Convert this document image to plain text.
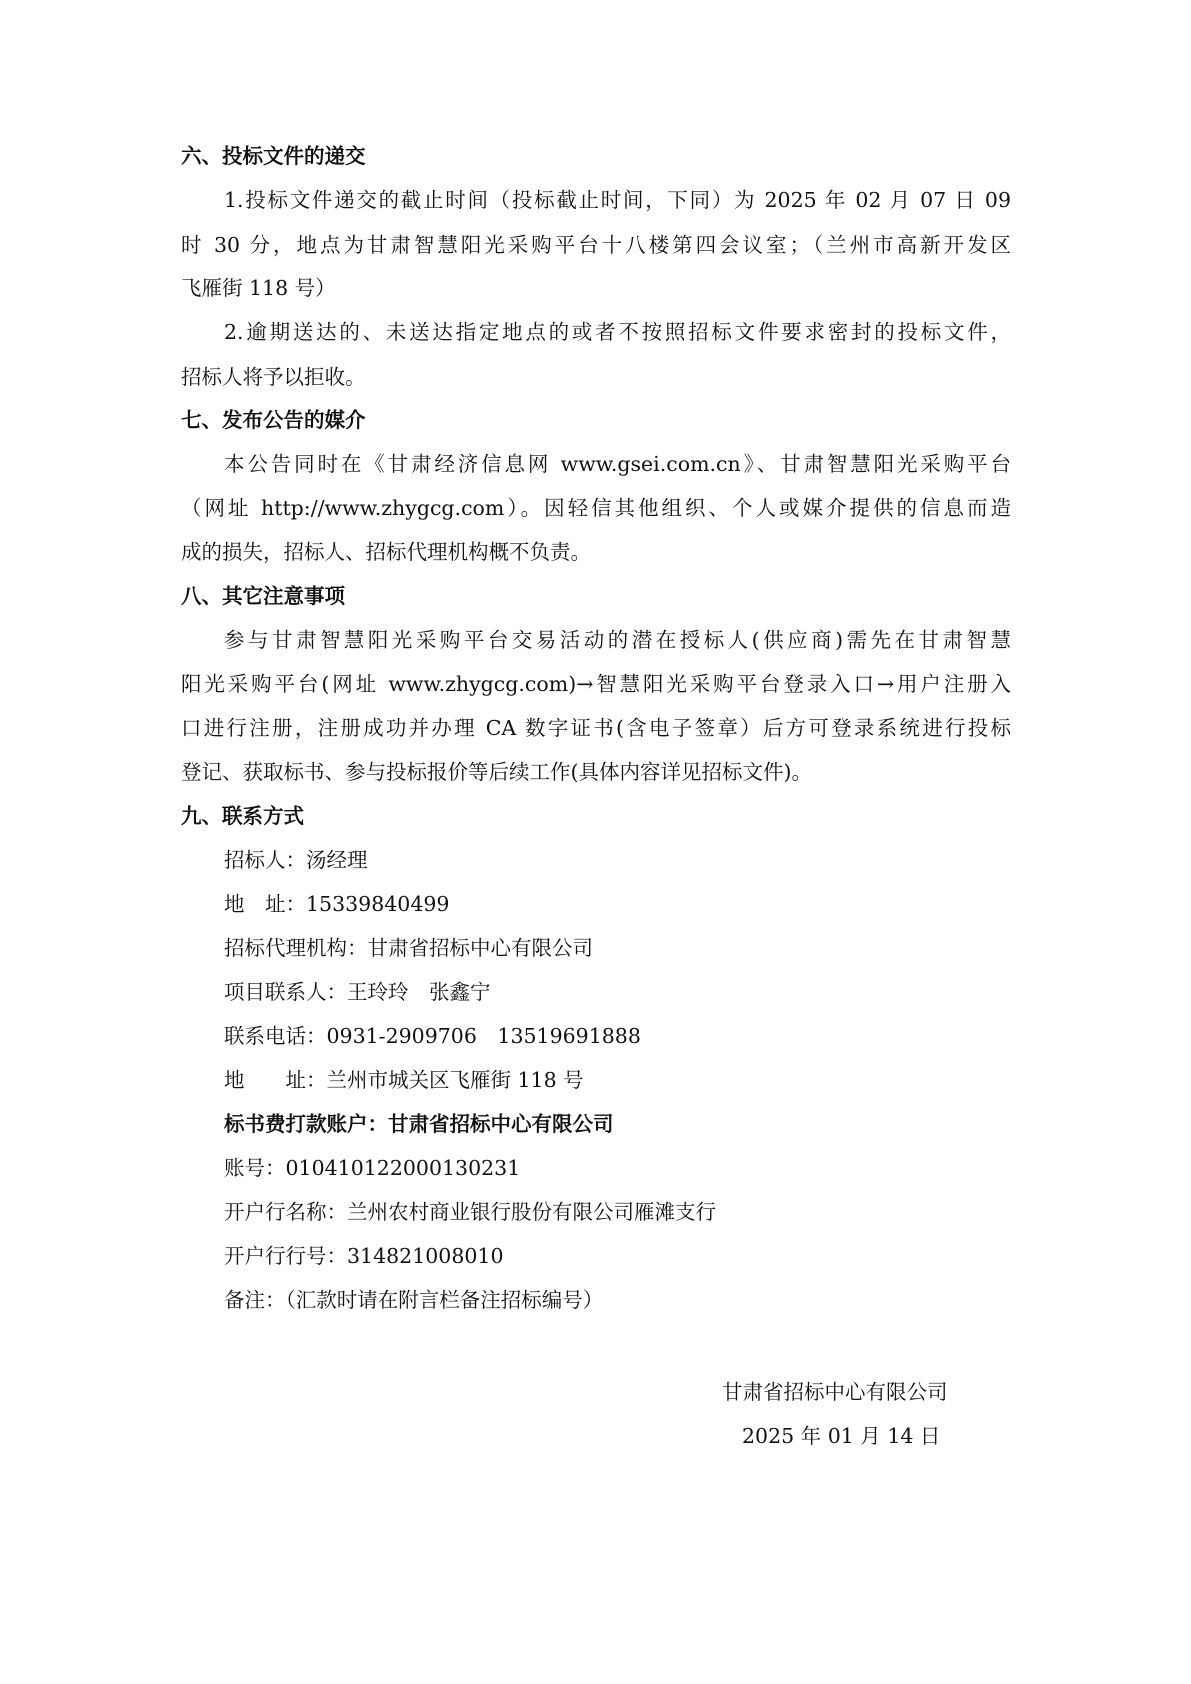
六、投标文件的递交
1.投标文件递交的截止时间（投标截止时间，下同）为 2025 年 02 月 07 日 09
时 30 分，地点为甘肃智慧阳光采购平台十八楼第四会议室；（兰州市高新开发区
飞雁街 118 号）
2.逾期送达的、未送达指定地点的或者不按照招标文件要求密封的投标文件，
招标人将予以拒收。
七、发布公告的媒介
本公告同时在《甘肃经济信息网 www.gsei.com.cn》、甘肃智慧阳光采购平台
（网址 http://www.zhygcg.com）。因轻信其他组织、个人或媒介提供的信息而造
成的损失，招标人、招标代理机构概不负责。
八、其它注意事项
参与甘肃智慧阳光采购平台交易活动的潜在授标人(供应商)需先在甘肃智慧
阳光采购平台(网址 www.zhygcg.com)→智慧阳光采购平台登录入口→用户注册入
口进行注册，注册成功并办理 CA 数字证书(含电子签章）后方可登录系统进行投标
登记、获取标书、参与投标报价等后续工作(具体内容详见招标文件)。
九、联系方式
招标人：汤经理
地　址：15339840499
招标代理机构：甘肃省招标中心有限公司
项目联系人：王玲玲　张鑫宁
联系电话：0931-2909706　13519691888
地　　址：兰州市城关区飞雁街 118 号
标书费打款账户：甘肃省招标中心有限公司
账号：010410122000130231
开户行名称：兰州农村商业银行股份有限公司雁滩支行
开户行行号：314821008010
备注：（汇款时请在附言栏备注招标编号）
甘肃省招标中心有限公司
2025 年 01 月 14 日
